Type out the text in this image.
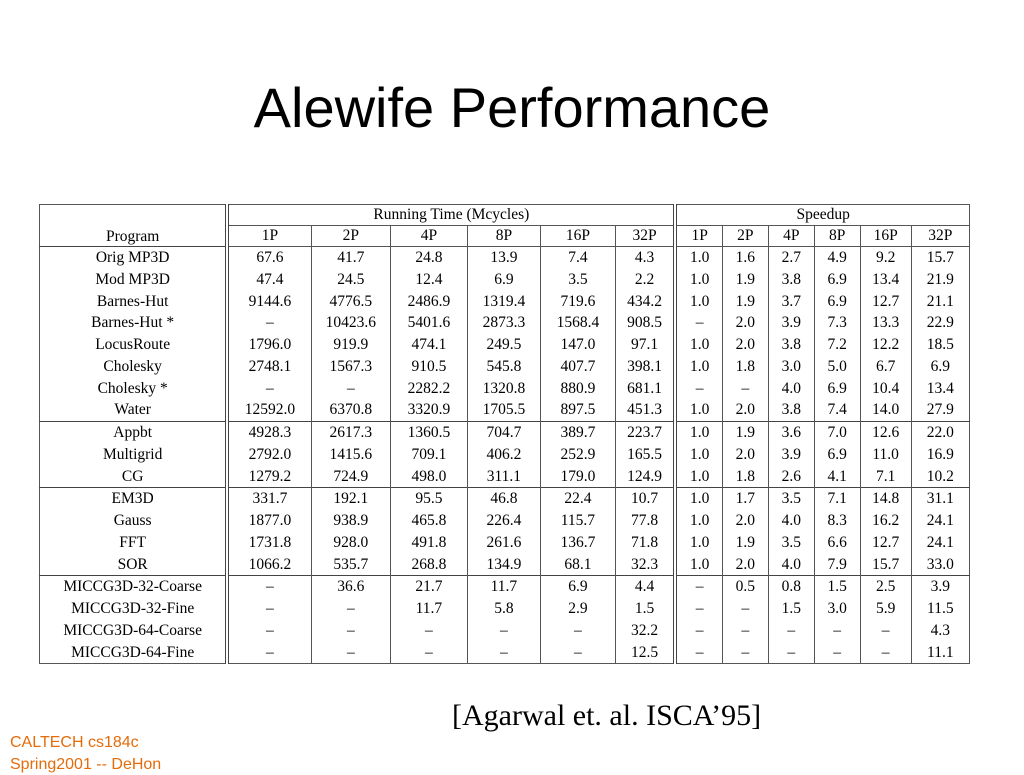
Alewife Performance
Program	Running Time (Mcycles)						Speedup					
	1P	2P	4P	8P	16P	32P	1P	2P	4P	8P	16P	32P
Orig MP3D	67.6	41.7	24.8	13.9	7.4	4.3	1.0	1.6	2.7	4.9	9.2	15.7
Mod MP3D	47.4	24.5	12.4	6.9	3.5	2.2	1.0	1.9	3.8	6.9	13.4	21.9
Barnes-Hut	9144.6	4776.5	2486.9	1319.4	719.6	434.2	1.0	1.9	3.7	6.9	12.7	21.1
Barnes-Hut *	–	10423.6	5401.6	2873.3	1568.4	908.5	–	2.0	3.9	7.3	13.3	22.9
LocusRoute	1796.0	919.9	474.1	249.5	147.0	97.1	1.0	2.0	3.8	7.2	12.2	18.5
Cholesky	2748.1	1567.3	910.5	545.8	407.7	398.1	1.0	1.8	3.0	5.0	6.7	6.9
Cholesky *	–	–	2282.2	1320.8	880.9	681.1	–	–	4.0	6.9	10.4	13.4
Water	12592.0	6370.8	3320.9	1705.5	897.5	451.3	1.0	2.0	3.8	7.4	14.0	27.9
Appbt	4928.3	2617.3	1360.5	704.7	389.7	223.7	1.0	1.9	3.6	7.0	12.6	22.0
Multigrid	2792.0	1415.6	709.1	406.2	252.9	165.5	1.0	2.0	3.9	6.9	11.0	16.9
CG	1279.2	724.9	498.0	311.1	179.0	124.9	1.0	1.8	2.6	4.1	7.1	10.2
EM3D	331.7	192.1	95.5	46.8	22.4	10.7	1.0	1.7	3.5	7.1	14.8	31.1
Gauss	1877.0	938.9	465.8	226.4	115.7	77.8	1.0	2.0	4.0	8.3	16.2	24.1
FFT	1731.8	928.0	491.8	261.6	136.7	71.8	1.0	1.9	3.5	6.6	12.7	24.1
SOR	1066.2	535.7	268.8	134.9	68.1	32.3	1.0	2.0	4.0	7.9	15.7	33.0
MICCG3D-32-Coarse	–	36.6	21.7	11.7	6.9	4.4	–	0.5	0.8	1.5	2.5	3.9
MICCG3D-32-Fine	–	–	11.7	5.8	2.9	1.5	–	–	1.5	3.0	5.9	11.5
MICCG3D-64-Coarse	–	–	–	–	–	32.2	–	–	–	–	–	4.3
MICCG3D-64-Fine	–	–	–	–	–	12.5	–	–	–	–	–	11.1
[Agarwal et. al. ISCA’95]
CALTECH cs184c
Spring2001 -- DeHon
